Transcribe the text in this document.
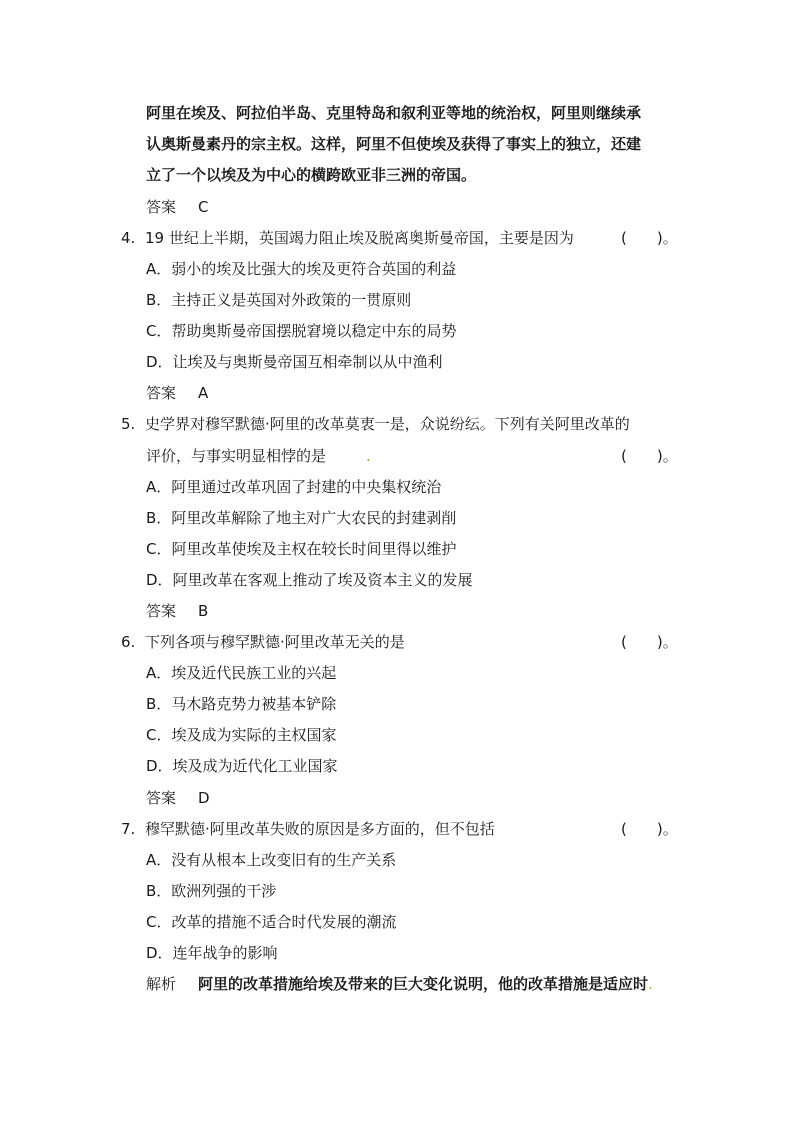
阿里在埃及、阿拉伯半岛、克里特岛和叙利亚等地的统治权，阿里则继续承
认奥斯曼素丹的宗主权。这样，阿里不但使埃及获得了事实上的独立，还建
立了一个以埃及为中心的横跨欧亚非三洲的帝国。
答案 C
4. 19 世纪上半期，英国竭力阻止埃及脱离奥斯曼帝国，主要是因为	(　　)。
A．弱小的埃及比强大的埃及更符合英国的利益
B．主持正义是英国对外政策的一贯原则
C．帮助奥斯曼帝国摆脱窘境以稳定中东的局势
D．让埃及与奥斯曼帝国互相牵制以从中渔利
答案 A
5. 史学界对穆罕默德·阿里的改革莫衷一是，众说纷纭。下列有关阿里改革的
评价，与事实明显相悖的是	.	(　　)。
A．阿里通过改革巩固了封建的中央集权统治
B．阿里改革解除了地主对广大农民的封建剥削
C．阿里改革使埃及主权在较长时间里得以维护
D．阿里改革在客观上推动了埃及资本主义的发展
答案 B
6. 下列各项与穆罕默德·阿里改革无关的是	(　　)。
A．埃及近代民族工业的兴起
B．马木路克势力被基本铲除
C．埃及成为实际的主权国家
D．埃及成为近代化工业国家
答案 D
7. 穆罕默德·阿里改革失败的原因是多方面的，但不包括	(　　)。
A．没有从根本上改变旧有的生产关系
B．欧洲列强的干涉
C．改革的措施不适合时代发展的潮流
D．连年战争的影响
解析 阿里的改革措施给埃及带来的巨大变化说明，他的改革措施是适应时.
